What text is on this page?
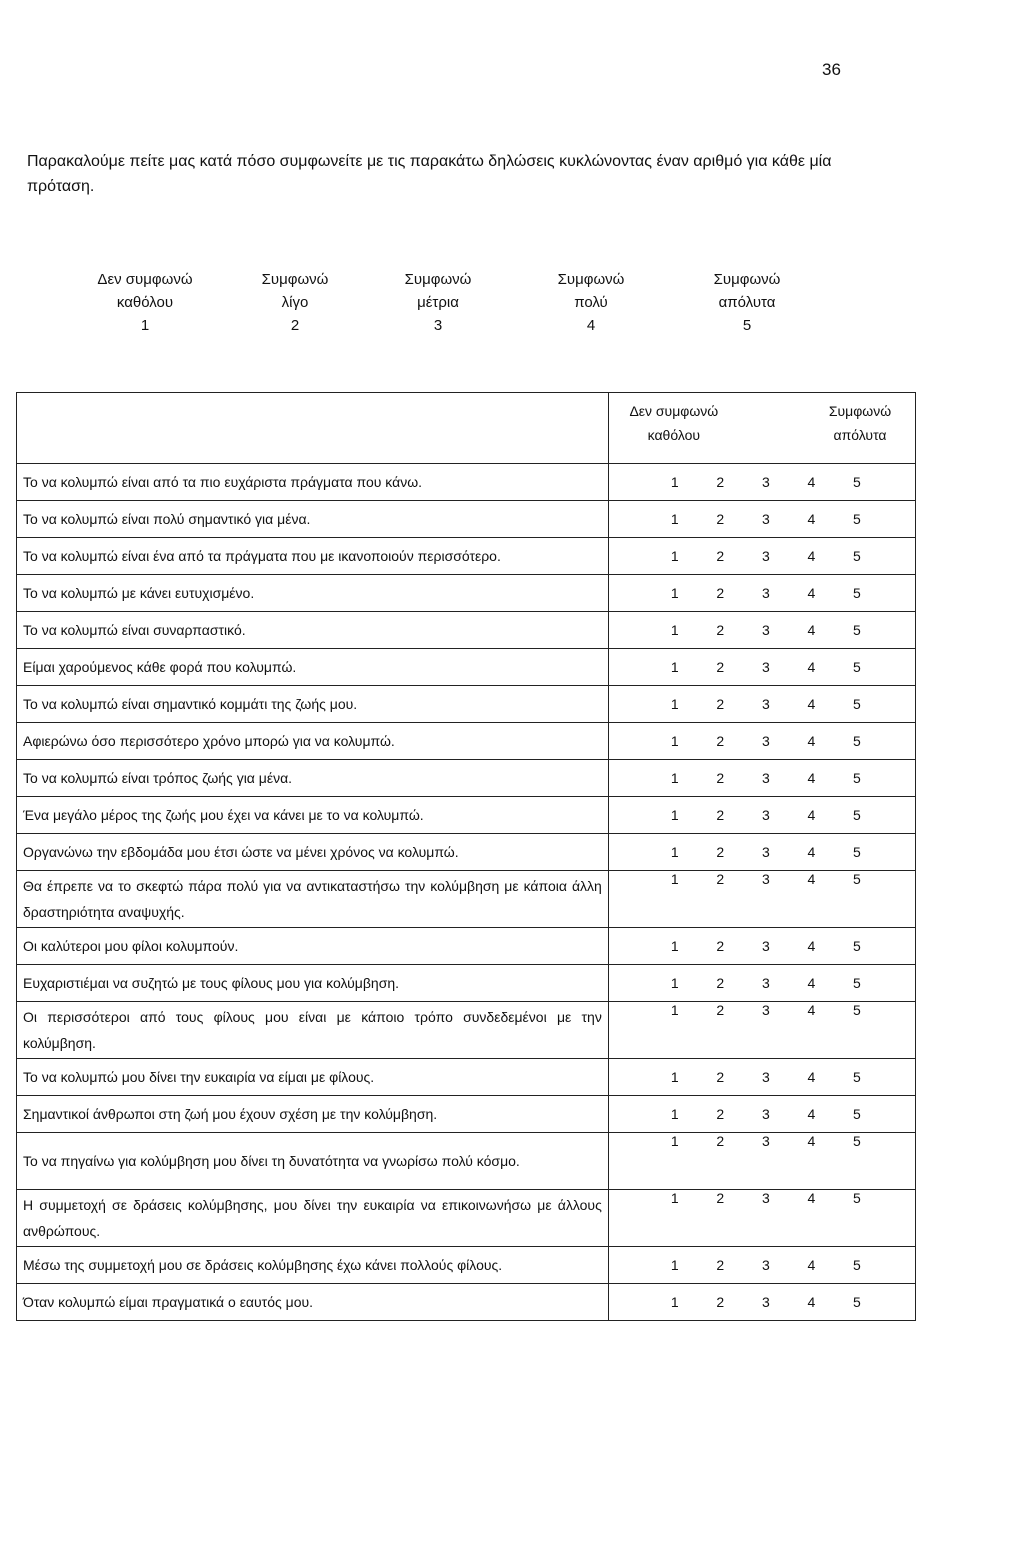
36
Παρακαλούμε πείτε μας κατά πόσο συμφωνείτε με τις παρακάτω δηλώσεις κυκλώνοντας έναν αριθμό για κάθε μία πρόταση.
Δεν συμφωνώ
καθόλου
1
Συμφωνώ
λίγο
2
Συμφωνώ
μέτρια
3
Συμφωνώ
πολύ
4
Συμφωνώ
απόλυτα
5

	Δεν συμφωνώ
καθόλου
Συμφωνώ
απόλυτα

Το να κολυμπώ είναι από τα πιο ευχάριστα πράγματα που κάνω.	1 2 3 4 5

Το να κολυμπώ είναι πολύ σημαντικό για μένα.	1 2 3 4 5

Το να κολυμπώ είναι ένα από τα πράγματα που με ικανοποιούν περισσότερο.	1 2 3 4 5

Το να κολυμπώ με κάνει ευτυχισμένο.	1 2 3 4 5

Το να κολυμπώ είναι συναρπαστικό.	1 2 3 4 5

Είμαι χαρούμενος κάθε φορά που κολυμπώ.	1 2 3 4 5

Το να κολυμπώ είναι σημαντικό κομμάτι της ζωής μου.	1 2 3 4 5

Αφιερώνω όσο περισσότερο χρόνο μπορώ για να κολυμπώ.	1 2 3 4 5

Το να κολυμπώ είναι τρόπος ζωής για μένα.	1 2 3 4 5

Ένα μεγάλο μέρος της ζωής μου έχει να κάνει με το να κολυμπώ.	1 2 3 4 5

Οργανώνω την εβδομάδα μου έτσι ώστε να μένει χρόνος να κολυμπώ.	1 2 3 4 5

Θα έπρεπε να το σκεφτώ πάρα πολύ για να αντικαταστήσω την κολύμβηση με κάποια άλλη δραστηριότητα αναψυχής.	1 2 3 4 5

Οι καλύτεροι μου φίλοι κολυμπούν.	1 2 3 4 5

Ευχαριστιέμαι να συζητώ με τους φίλους μου για κολύμβηση.	1 2 3 4 5

Οι περισσότεροι από τους φίλους μου είναι με κάποιο τρόπο συνδεδεμένοι με την κολύμβηση.	1 2 3 4 5

Το να κολυμπώ μου δίνει την ευκαιρία να είμαι με φίλους.	1 2 3 4 5

Σημαντικοί άνθρωποι στη ζωή μου έχουν σχέση με την κολύμβηση.	1 2 3 4 5

Το να πηγαίνω για κολύμβηση μου δίνει τη δυνατότητα να γνωρίσω πολύ κόσμο.	1 2 3 4 5

Η συμμετοχή σε δράσεις κολύμβησης, μου δίνει την ευκαιρία να επικοινωνήσω με άλλους ανθρώπους.	1 2 3 4 5

Μέσω της συμμετοχή μου σε δράσεις κολύμβησης έχω κάνει πολλούς φίλους.	1 2 3 4 5

Όταν κολυμπώ είμαι πραγματικά ο εαυτός μου.	1 2 3 4 5
